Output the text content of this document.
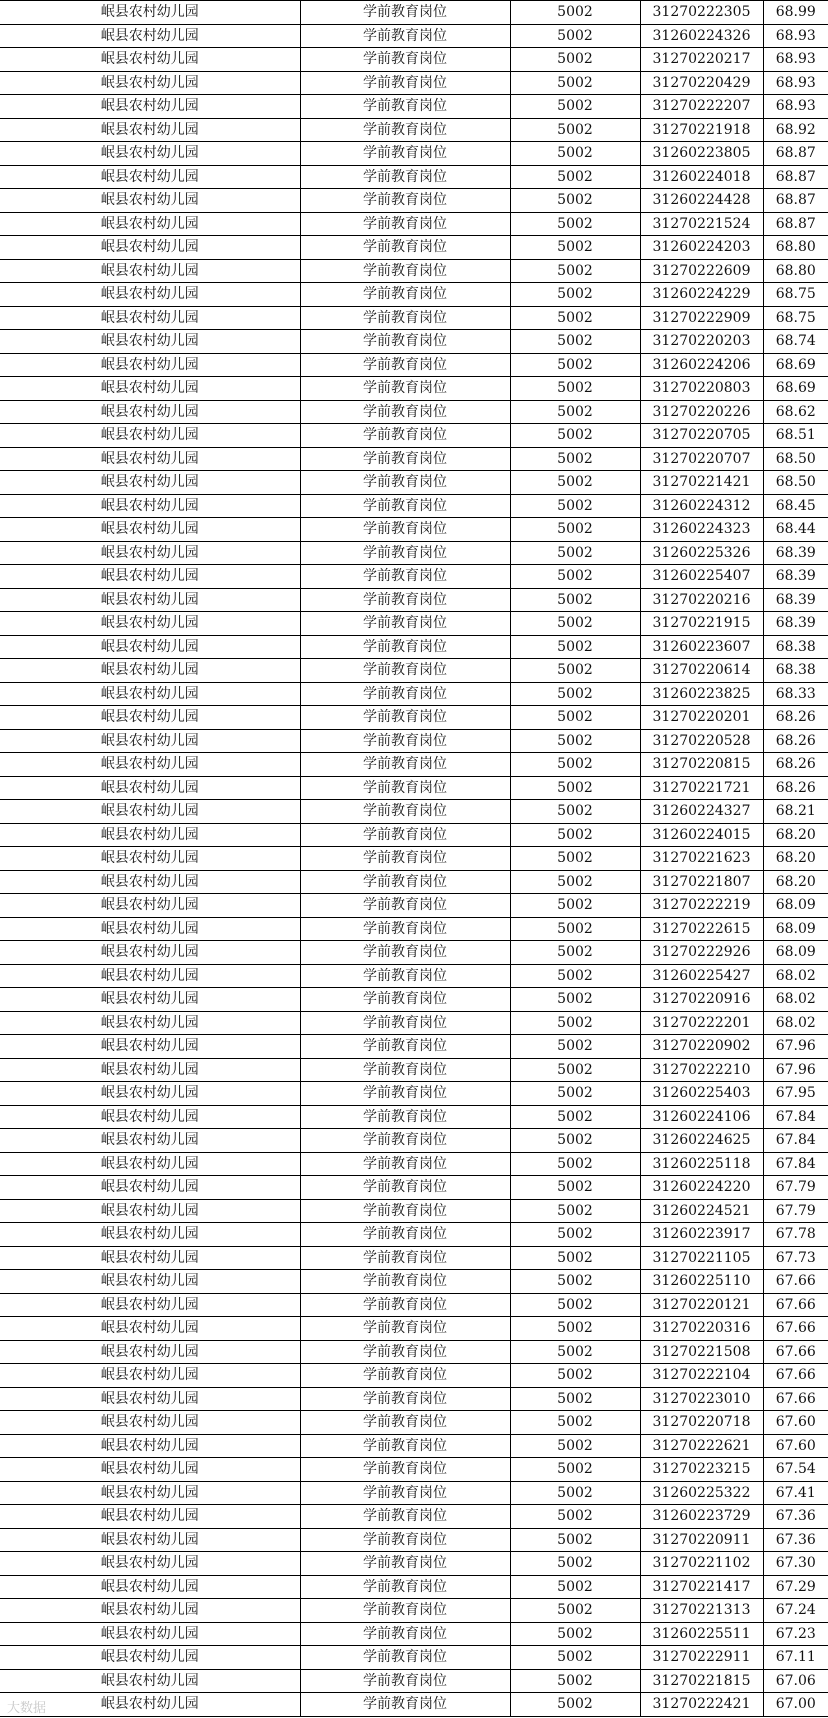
岷县农村幼儿园	学前教育岗位	5002	31270222305	68.99
岷县农村幼儿园	学前教育岗位	5002	31260224326	68.93
岷县农村幼儿园	学前教育岗位	5002	31270220217	68.93
岷县农村幼儿园	学前教育岗位	5002	31270220429	68.93
岷县农村幼儿园	学前教育岗位	5002	31270222207	68.93
岷县农村幼儿园	学前教育岗位	5002	31270221918	68.92
岷县农村幼儿园	学前教育岗位	5002	31260223805	68.87
岷县农村幼儿园	学前教育岗位	5002	31260224018	68.87
岷县农村幼儿园	学前教育岗位	5002	31260224428	68.87
岷县农村幼儿园	学前教育岗位	5002	31270221524	68.87
岷县农村幼儿园	学前教育岗位	5002	31260224203	68.80
岷县农村幼儿园	学前教育岗位	5002	31270222609	68.80
岷县农村幼儿园	学前教育岗位	5002	31260224229	68.75
岷县农村幼儿园	学前教育岗位	5002	31270222909	68.75
岷县农村幼儿园	学前教育岗位	5002	31270220203	68.74
岷县农村幼儿园	学前教育岗位	5002	31260224206	68.69
岷县农村幼儿园	学前教育岗位	5002	31270220803	68.69
岷县农村幼儿园	学前教育岗位	5002	31270220226	68.62
岷县农村幼儿园	学前教育岗位	5002	31270220705	68.51
岷县农村幼儿园	学前教育岗位	5002	31270220707	68.50
岷县农村幼儿园	学前教育岗位	5002	31270221421	68.50
岷县农村幼儿园	学前教育岗位	5002	31260224312	68.45
岷县农村幼儿园	学前教育岗位	5002	31260224323	68.44
岷县农村幼儿园	学前教育岗位	5002	31260225326	68.39
岷县农村幼儿园	学前教育岗位	5002	31260225407	68.39
岷县农村幼儿园	学前教育岗位	5002	31270220216	68.39
岷县农村幼儿园	学前教育岗位	5002	31270221915	68.39
岷县农村幼儿园	学前教育岗位	5002	31260223607	68.38
岷县农村幼儿园	学前教育岗位	5002	31270220614	68.38
岷县农村幼儿园	学前教育岗位	5002	31260223825	68.33
岷县农村幼儿园	学前教育岗位	5002	31270220201	68.26
岷县农村幼儿园	学前教育岗位	5002	31270220528	68.26
岷县农村幼儿园	学前教育岗位	5002	31270220815	68.26
岷县农村幼儿园	学前教育岗位	5002	31270221721	68.26
岷县农村幼儿园	学前教育岗位	5002	31260224327	68.21
岷县农村幼儿园	学前教育岗位	5002	31260224015	68.20
岷县农村幼儿园	学前教育岗位	5002	31270221623	68.20
岷县农村幼儿园	学前教育岗位	5002	31270221807	68.20
岷县农村幼儿园	学前教育岗位	5002	31270222219	68.09
岷县农村幼儿园	学前教育岗位	5002	31270222615	68.09
岷县农村幼儿园	学前教育岗位	5002	31270222926	68.09
岷县农村幼儿园	学前教育岗位	5002	31260225427	68.02
岷县农村幼儿园	学前教育岗位	5002	31270220916	68.02
岷县农村幼儿园	学前教育岗位	5002	31270222201	68.02
岷县农村幼儿园	学前教育岗位	5002	31270220902	67.96
岷县农村幼儿园	学前教育岗位	5002	31270222210	67.96
岷县农村幼儿园	学前教育岗位	5002	31260225403	67.95
岷县农村幼儿园	学前教育岗位	5002	31260224106	67.84
岷县农村幼儿园	学前教育岗位	5002	31260224625	67.84
岷县农村幼儿园	学前教育岗位	5002	31260225118	67.84
岷县农村幼儿园	学前教育岗位	5002	31260224220	67.79
岷县农村幼儿园	学前教育岗位	5002	31260224521	67.79
岷县农村幼儿园	学前教育岗位	5002	31260223917	67.78
岷县农村幼儿园	学前教育岗位	5002	31270221105	67.73
岷县农村幼儿园	学前教育岗位	5002	31260225110	67.66
岷县农村幼儿园	学前教育岗位	5002	31270220121	67.66
岷县农村幼儿园	学前教育岗位	5002	31270220316	67.66
岷县农村幼儿园	学前教育岗位	5002	31270221508	67.66
岷县农村幼儿园	学前教育岗位	5002	31270222104	67.66
岷县农村幼儿园	学前教育岗位	5002	31270223010	67.66
岷县农村幼儿园	学前教育岗位	5002	31270220718	67.60
岷县农村幼儿园	学前教育岗位	5002	31270222621	67.60
岷县农村幼儿园	学前教育岗位	5002	31270223215	67.54
岷县农村幼儿园	学前教育岗位	5002	31260225322	67.41
岷县农村幼儿园	学前教育岗位	5002	31260223729	67.36
岷县农村幼儿园	学前教育岗位	5002	31270220911	67.36
岷县农村幼儿园	学前教育岗位	5002	31270221102	67.30
岷县农村幼儿园	学前教育岗位	5002	31270221417	67.29
岷县农村幼儿园	学前教育岗位	5002	31270221313	67.24
岷县农村幼儿园	学前教育岗位	5002	31260225511	67.23
岷县农村幼儿园	学前教育岗位	5002	31270222911	67.11
岷县农村幼儿园	学前教育岗位	5002	31270221815	67.06
岷县农村幼儿园	学前教育岗位	5002	31270222421	67.00
大数据
